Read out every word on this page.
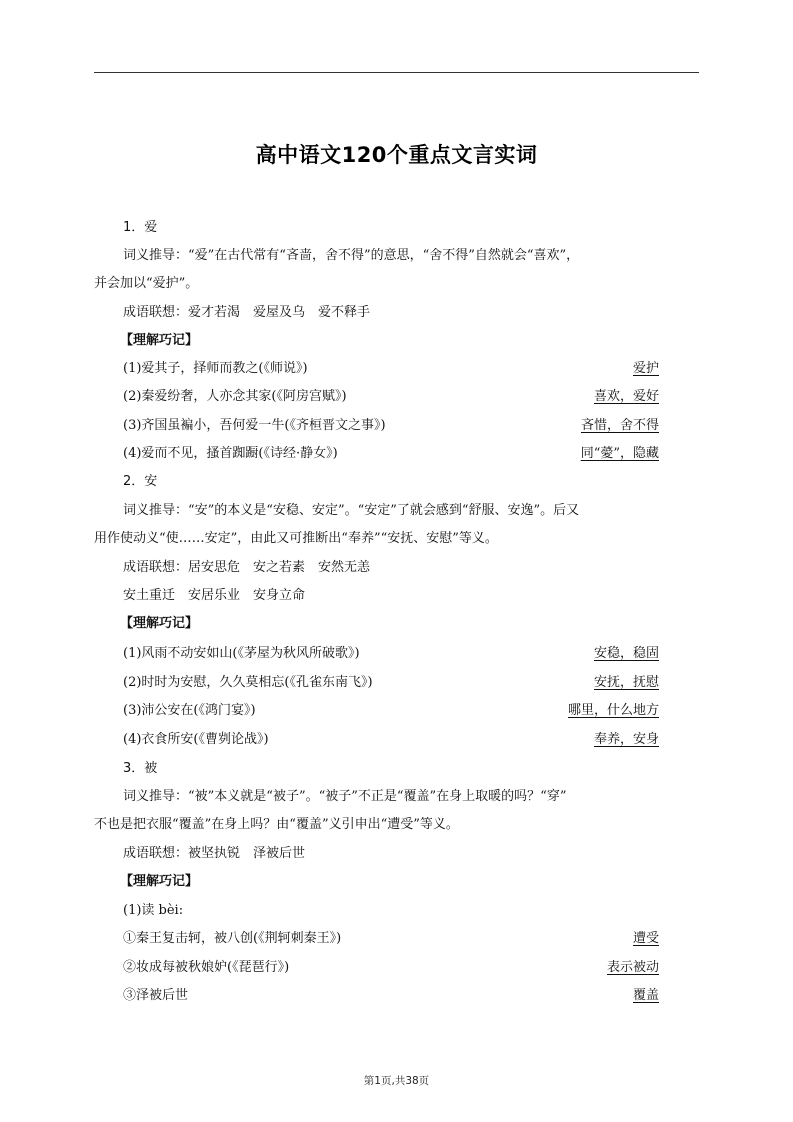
高中语文120个重点文言实词
1．爱
词义推导：“爱”在古代常有“吝啬，舍不得”的意思，“舍不得”自然就会“喜欢”，
并会加以“爱护”。
成语联想：爱才若渴　爱屋及乌　爱不释手
【理解巧记】
(1)爱其子，择师而教之(《师说》)	爱护
(2)秦爱纷奢，人亦念其家(《阿房宫赋》)	喜欢，爱好
(3)齐国虽褊小，吾何爱一牛(《齐桓晋文之事》)	吝惜，舍不得
(4)爱而不见，搔首踟蹰(《诗经·静女》)	同“薆”，隐藏
2．安
词义推导：“安”的本义是“安稳、安定”。“安定”了就会感到“舒服、安逸”。后又
用作使动义“使……安定”，由此又可推断出“奉养”“安抚、安慰”等义。
成语联想：居安思危　安之若素　安然无恙
安土重迁　安居乐业　安身立命
【理解巧记】
(1)风雨不动安如山(《茅屋为秋风所破歌》)	安稳，稳固
(2)时时为安慰，久久莫相忘(《孔雀东南飞》)	安抚，抚慰
(3)沛公安在(《鸿门宴》)	哪里，什么地方
(4)衣食所安(《曹刿论战》)	奉养，安身
3．被
词义推导：“被”本义就是“被子”。“被子”不正是“覆盖”在身上取暖的吗？“穿”
不也是把衣服“覆盖”在身上吗？由“覆盖”义引申出“遭受”等义。
成语联想：被坚执锐　泽被后世
【理解巧记】
(1)读 bèi:
①秦王复击轲，被八创(《荆轲刺秦王》)	遭受
②妆成每被秋娘妒(《琵琶行》)	表示被动
③泽被后世	覆盖
第1页,共38页
